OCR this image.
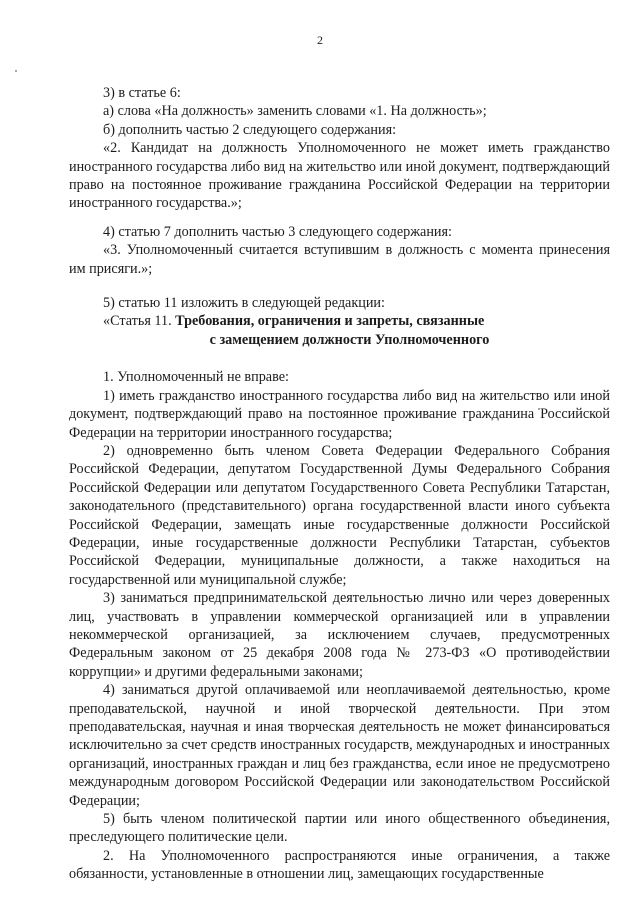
2

3) в статье 6:

а) слова «На должность» заменить словами «1. На должность»;

б) дополнить частью 2 следующего содержания:

«2. Кандидат на должность Уполномоченного не может иметь гражданство иностранного государства либо вид на жительство или иной документ, подтверждающий право на постоянное проживание гражданина Российской Федерации на территории иностранного государства.»;

4) статью 7 дополнить частью 3 следующего содержания:

«3. Уполномоченный считается вступившим в должность с момента принесения им присяги.»;

5) статью 11 изложить в следующей редакции:

«Статья 11. Требования, ограничения и запреты, связанные

с замещением должности Уполномоченного

1. Уполномоченный не вправе:

1) иметь гражданство иностранного государства либо вид на жительство или иной документ, подтверждающий право на постоянное проживание гражданина Российской Федерации на территории иностранного государства;

2) одновременно быть членом Совета Федерации Федерального Собрания Российской Федерации, депутатом Государственной Думы Федерального Собрания Российской Федерации или депутатом Государственного Совета Республики Татарстан, законодательного (представительного) органа государственной власти иного субъекта Российской Федерации, замещать иные государственные должности Российской Федерации, иные государственные должности Республики Татарстан, субъектов Российской Федерации, муниципальные должности, а также находиться на государственной или муниципальной службе;

3) заниматься предпринимательской деятельностью лично или через доверенных лиц, участвовать в управлении коммерческой организацией или в управлении некоммерческой организацией, за исключением случаев, предусмотренных Федеральным законом от 25 декабря 2008 года № 273-ФЗ «О противодействии коррупции» и другими федеральными законами;

4) заниматься другой оплачиваемой или неоплачиваемой деятельностью, кроме преподавательской, научной и иной творческой деятельности. При этом преподавательская, научная и иная творческая деятельность не может финансироваться исключительно за счет средств иностранных государств, международных и иностранных организаций, иностранных граждан и лиц без гражданства, если иное не предусмотрено международным договором Российской Федерации или законодательством Российской Федерации;

5) быть членом политической партии или иного общественного объединения, преследующего политические цели.

2. На Уполномоченного распространяются иные ограничения, а также обязанности, установленные в отношении лиц, замещающих государственные
